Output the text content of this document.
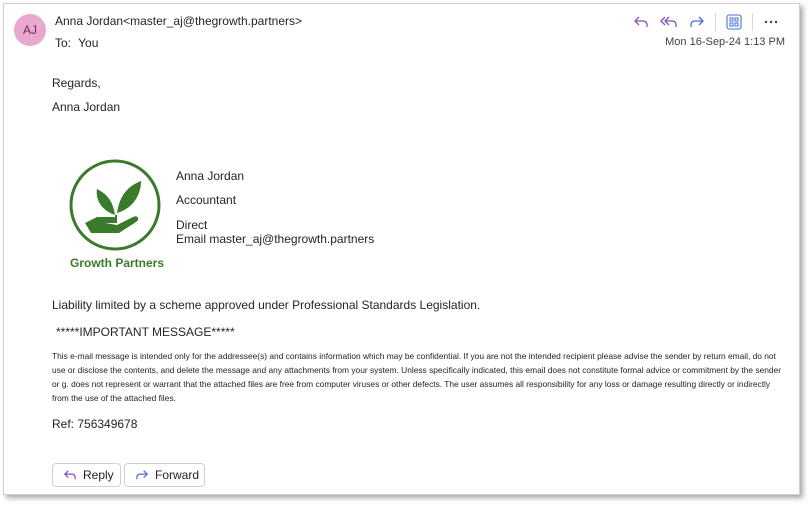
AJ
Anna Jordan<master_aj@thegrowth.partners>
To: You	Mon 16-Sep-24 1:13 PM
Regards,
Anna Jordan
Growth Partners
Anna Jordan
Accountant
Direct
Email master_aj@thegrowth.partners
Liability limited by a scheme approved under Professional Standards Legislation.
*****IMPORTANT MESSAGE*****
This e-mail message is intended only for the addressee(s) and contains information which may be confidential. If you are not the intended recipient please advise the sender by return email, do not use or disclose the contents, and delete the message and any attachments from your system. Unless specifically indicated, this email does not constitute formal advice or commitment by the sender or g. does not represent or warrant that the attached files are free from computer viruses or other defects. The user assumes all responsibility for any loss or damage resulting directly or indirectly from the use of the attached files.
Ref: 756349678
Reply	Forward
